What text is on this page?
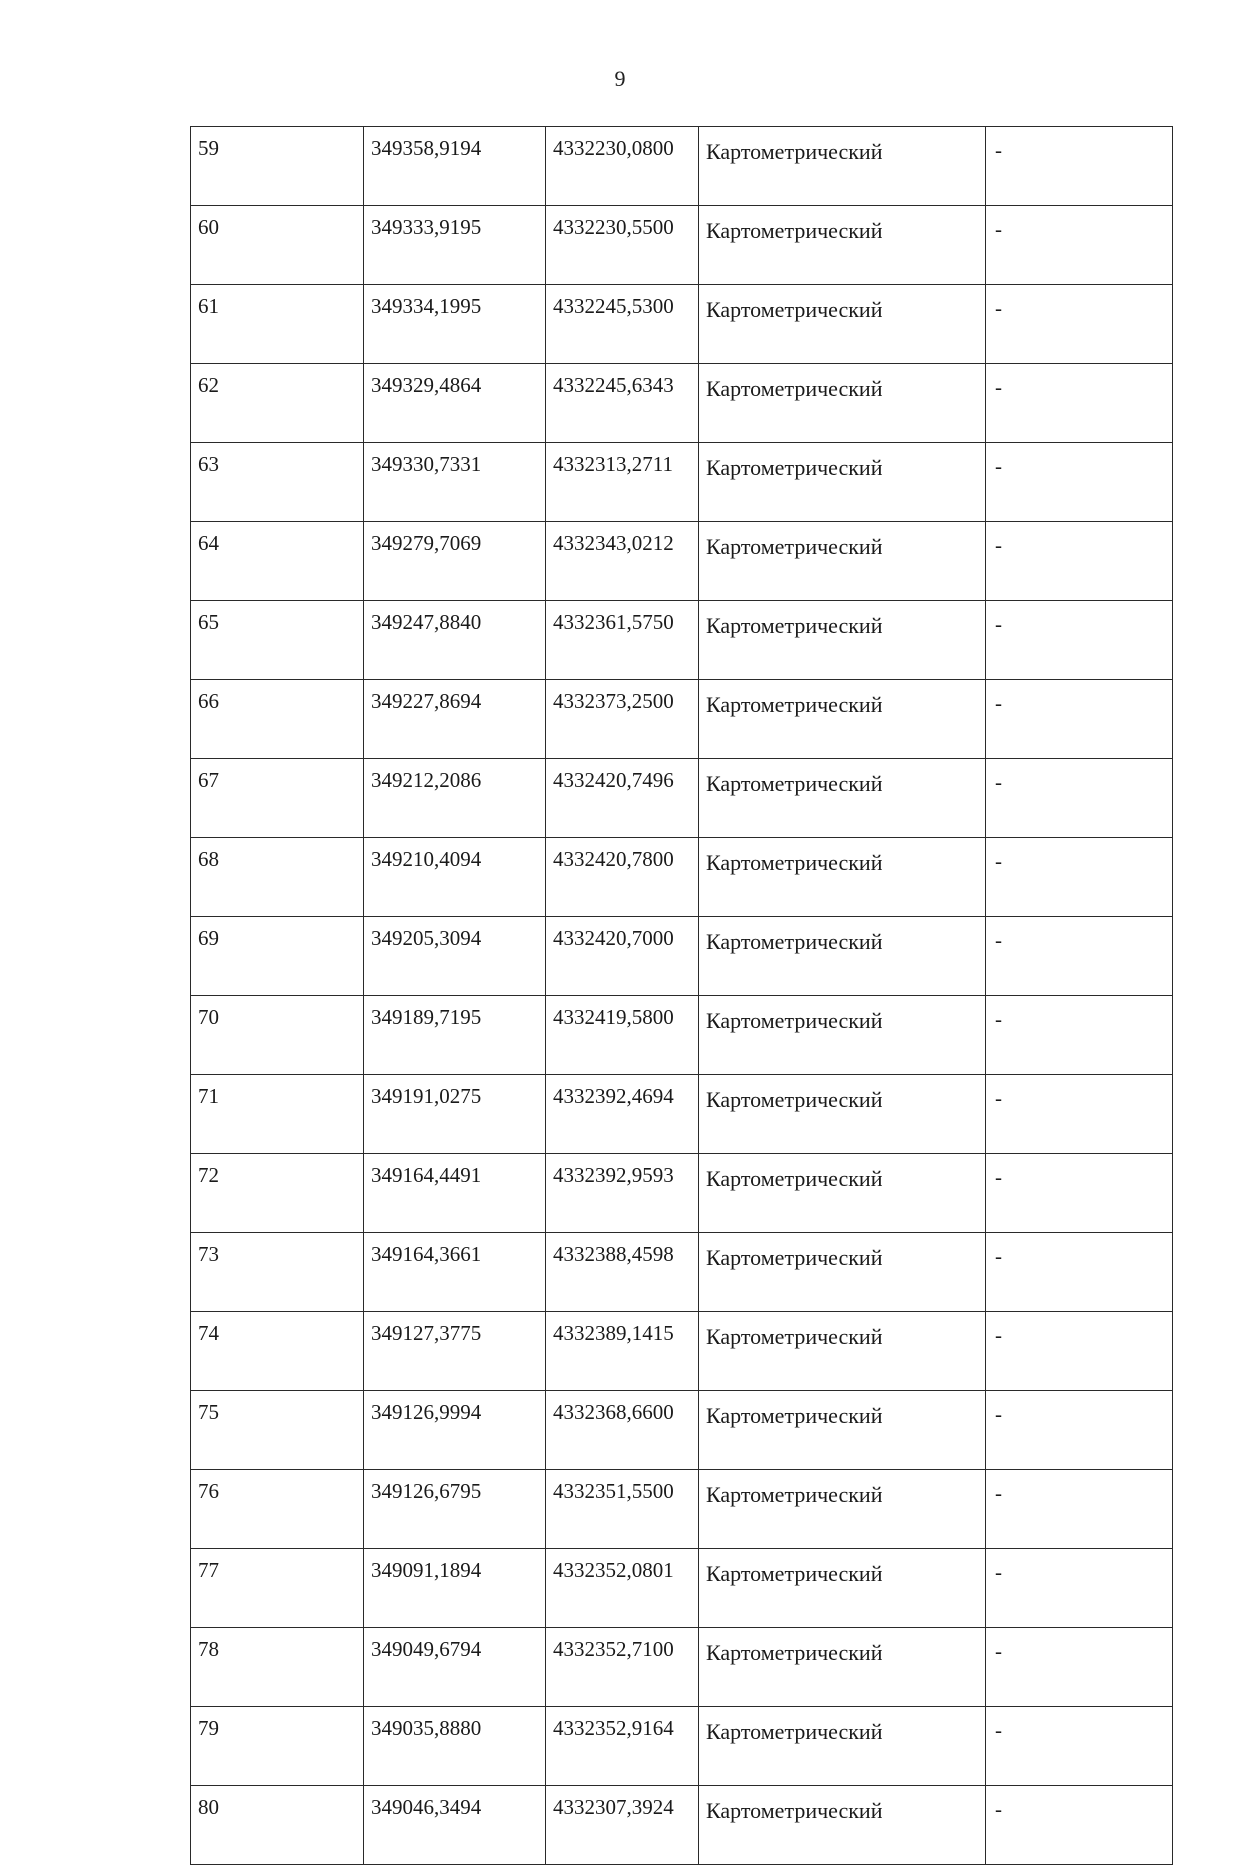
9
59	349358,9194	4332230,0800	Картометрический	-
60	349333,9195	4332230,5500	Картометрический	-
61	349334,1995	4332245,5300	Картометрический	-
62	349329,4864	4332245,6343	Картометрический	-
63	349330,7331	4332313,2711	Картометрический	-
64	349279,7069	4332343,0212	Картометрический	-
65	349247,8840	4332361,5750	Картометрический	-
66	349227,8694	4332373,2500	Картометрический	-
67	349212,2086	4332420,7496	Картометрический	-
68	349210,4094	4332420,7800	Картометрический	-
69	349205,3094	4332420,7000	Картометрический	-
70	349189,7195	4332419,5800	Картометрический	-
71	349191,0275	4332392,4694	Картометрический	-
72	349164,4491	4332392,9593	Картометрический	-
73	349164,3661	4332388,4598	Картометрический	-
74	349127,3775	4332389,1415	Картометрический	-
75	349126,9994	4332368,6600	Картометрический	-
76	349126,6795	4332351,5500	Картометрический	-
77	349091,1894	4332352,0801	Картометрический	-
78	349049,6794	4332352,7100	Картометрический	-
79	349035,8880	4332352,9164	Картометрический	-
80	349046,3494	4332307,3924	Картометрический	-
